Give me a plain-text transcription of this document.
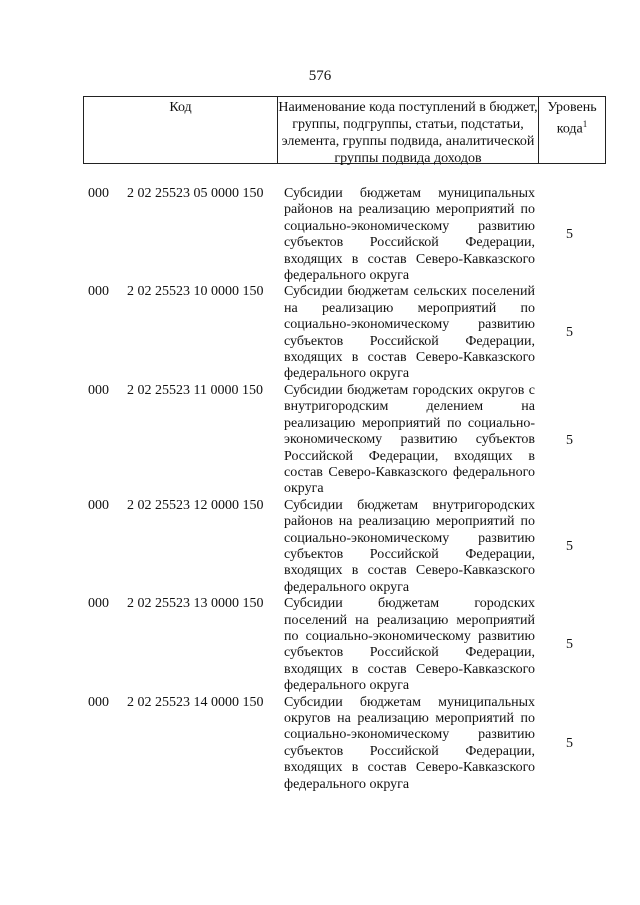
576
Код	Наименование кода поступлений в бюджет, группы, подгруппы, статьи, подстатьи, элемента, группы подвида, аналитической группы подвида доходов
Уровень кода$^1$
000 2 02 25523 05 0000 150 Субсидии бюджетам муниципальных районов на реализацию мероприятий по социально-экономическому развитию субъектов Российской Федерации, входящих в состав Северо-Кавказского федерального округа
5
000 2 02 25523 10 0000 150 Субсидии бюджетам сельских поселений на реализацию мероприятий по социально-экономическому развитию субъектов Российской Федерации, входящих в состав Северо-Кавказского федерального округа
5
000 2 02 25523 11 0000 150 Субсидии бюджетам городских округов с внутригородским делением на реализацию мероприятий по социально-экономическому развитию субъектов Российской Федерации, входящих в состав Северо-Кавказского федерального округа
5
000 2 02 25523 12 0000 150 Субсидии бюджетам внутригородских районов на реализацию мероприятий по социально-экономическому развитию субъектов Российской Федерации, входящих в состав Северо-Кавказского федерального округа
5
000 2 02 25523 13 0000 150 Субсидии бюджетам городских поселений на реализацию мероприятий по социально-экономическому развитию субъектов Российской Федерации, входящих в состав Северо-Кавказского федерального округа
5
000 2 02 25523 14 0000 150 Субсидии бюджетам муниципальных округов на реализацию мероприятий по социально-экономическому развитию субъектов Российской Федерации, входящих в состав Северо-Кавказского федерального округа
5
